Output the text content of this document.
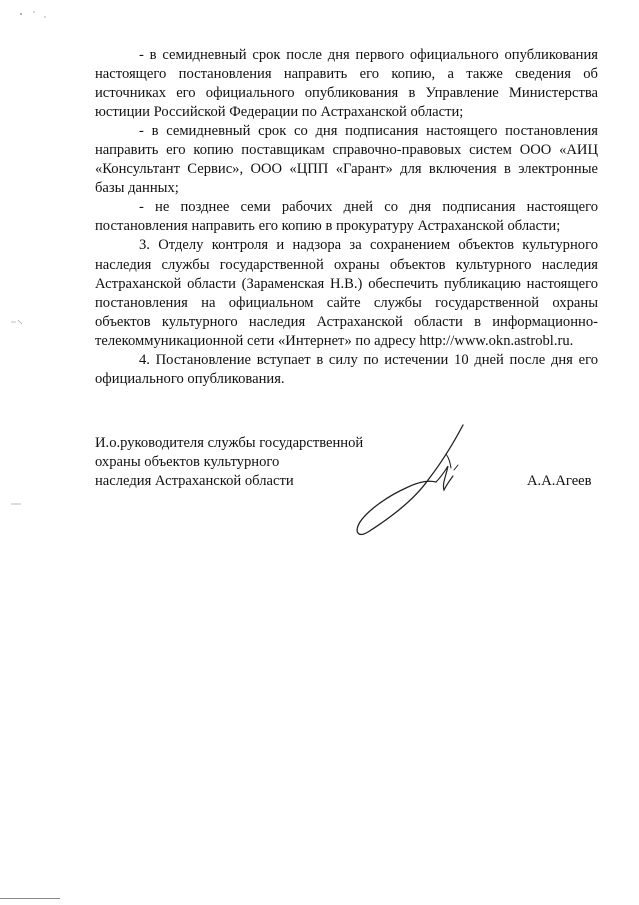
- в семидневный срок после дня первого официального опубликования настоящего постановления направить его копию, а также сведения об источниках его официального опубликования в Управление Министерства юстиции Российской Федерации по Астраханской области;

- в семидневный срок со дня подписания настоящего постановления направить его копию поставщикам справочно-правовых систем ООО «АИЦ «Консультант Сервис», ООО «ЦПП «Гарант» для включения в электронные базы данных;

- не позднее семи рабочих дней со дня подписания настоящего постановления направить его копию в прокуратуру Астраханской области;

3. Отделу контроля и надзора за сохранением объектов культурного наследия службы государственной охраны объектов культурного наследия Астраханской области (Зараменская Н.В.) обеспечить публикацию настоящего постановления на официальном сайте службы государственной охраны объектов культурного наследия Астраханской области в информационно-телекоммуникационной сети «Интернет» по адресу http://www.okn.astrobl.ru.

4. Постановление вступает в силу по истечении 10 дней после дня его официального опубликования.

И.о.руководителя службы государственной
охраны объектов культурного
наследия Астраханской области	А.А.Агеев
